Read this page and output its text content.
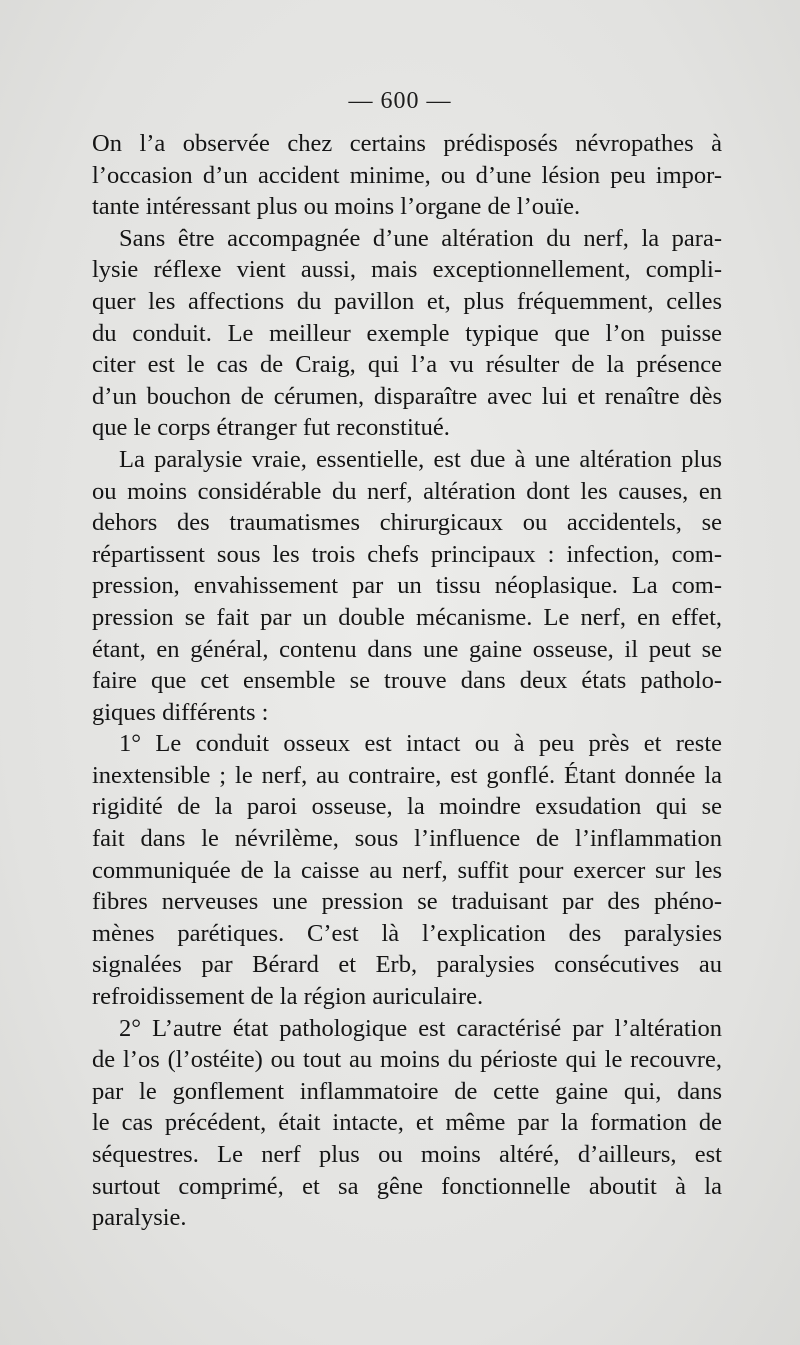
— 600 —
On l’a observée chez certains prédisposés névropathes à
l’occasion d’un accident minime, ou d’une lésion peu impor-
tante intéressant plus ou moins l’organe de l’ouïe.
Sans être accompagnée d’une altération du nerf, la para-
lysie réflexe vient aussi, mais exceptionnellement, compli-
quer les affections du pavillon et, plus fréquemment, celles
du conduit. Le meilleur exemple typique que l’on puisse
citer est le cas de Craig, qui l’a vu résulter de la présence
d’un bouchon de cérumen, disparaître avec lui et renaître dès
que le corps étranger fut reconstitué.
La paralysie vraie, essentielle, est due à une altération plus
ou moins considérable du nerf, altération dont les causes, en
dehors des traumatismes chirurgicaux ou accidentels, se
répartissent sous les trois chefs principaux : infection, com-
pression, envahissement par un tissu néoplasique. La com-
pression se fait par un double mécanisme. Le nerf, en effet,
étant, en général, contenu dans une gaine osseuse, il peut se
faire que cet ensemble se trouve dans deux états patholo-
giques différents :
1° Le conduit osseux est intact ou à peu près et reste
inextensible ; le nerf, au contraire, est gonflé. Étant donnée la
rigidité de la paroi osseuse, la moindre exsudation qui se
fait dans le névrilème, sous l’influence de l’inflammation
communiquée de la caisse au nerf, suffit pour exercer sur les
fibres nerveuses une pression se traduisant par des phéno-
mènes parétiques. C’est là l’explication des paralysies
signalées par Bérard et Erb, paralysies consécutives au
refroidissement de la région auriculaire.
2° L’autre état pathologique est caractérisé par l’altération
de l’os (l’ostéite) ou tout au moins du périoste qui le recouvre,
par le gonflement inflammatoire de cette gaine qui, dans
le cas précédent, était intacte, et même par la formation de
séquestres. Le nerf plus ou moins altéré, d’ailleurs, est
surtout comprimé, et sa gêne fonctionnelle aboutit à la
paralysie.
